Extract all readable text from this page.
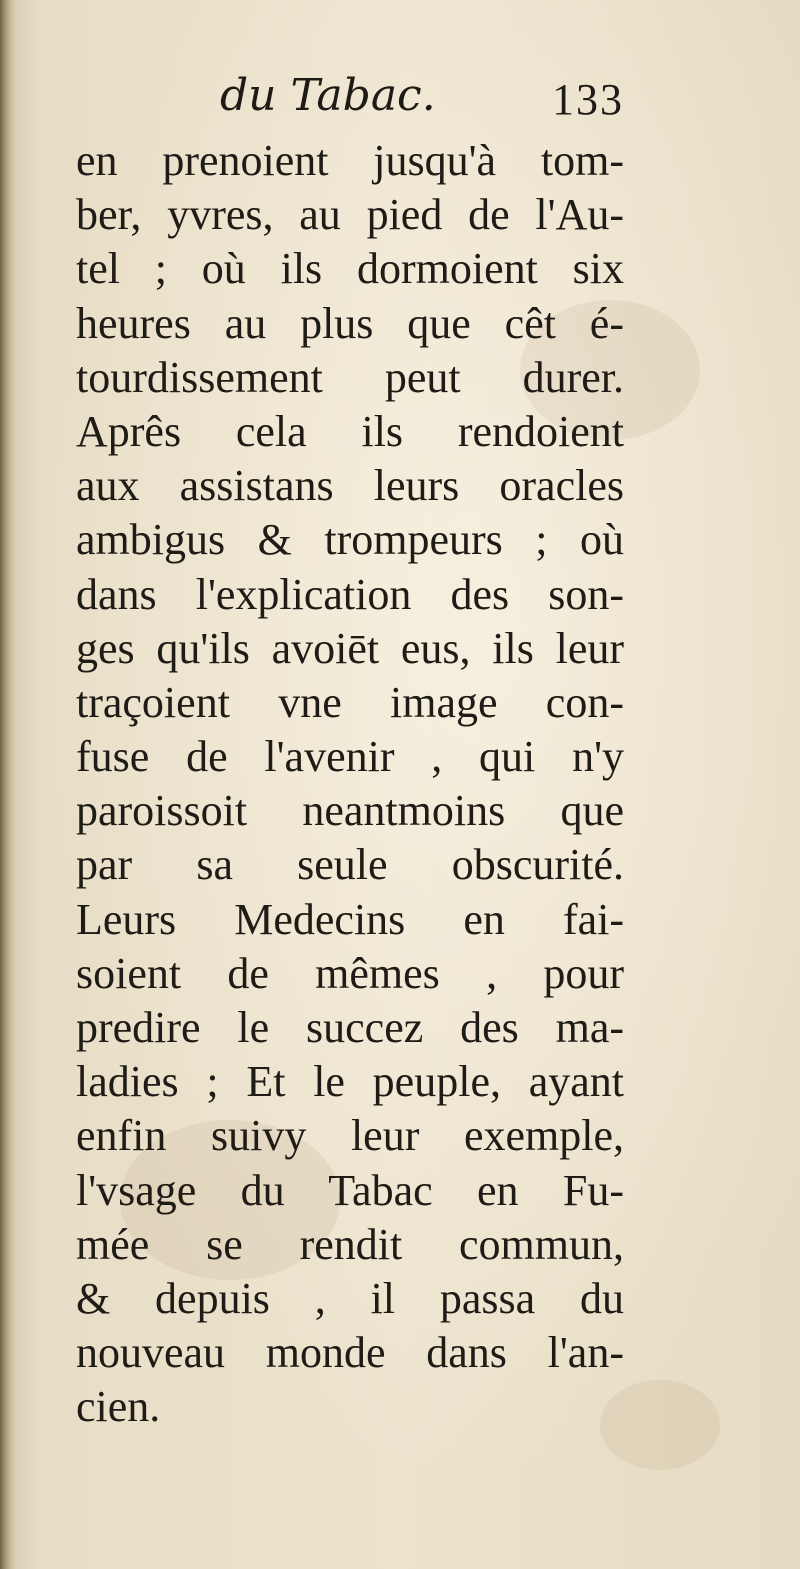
du Tabac.	133
en prenoient jusqu'à tom-
ber, yvres, au pied de l'Au-
tel ; où ils dormoient six
heures au plus que cêt é-
tourdissement peut durer.
Aprês cela ils rendoient
aux assistans leurs oracles
ambigus & trompeurs ; où
dans l'explication des son-
ges qu'ils avoiēt eus, ils leur
traçoient vne image con-
fuse de l'avenir , qui n'y
paroissoit neantmoins que
par sa seule obscurité.
Leurs Medecins en fai-
soient de mêmes , pour
predire le succez des ma-
ladies ; Et le peuple, ayant
enfin suivy leur exemple,
l'vsage du Tabac en Fu-
mée se rendit commun,
& depuis , il passa du
nouveau monde dans l'an-
cien.
